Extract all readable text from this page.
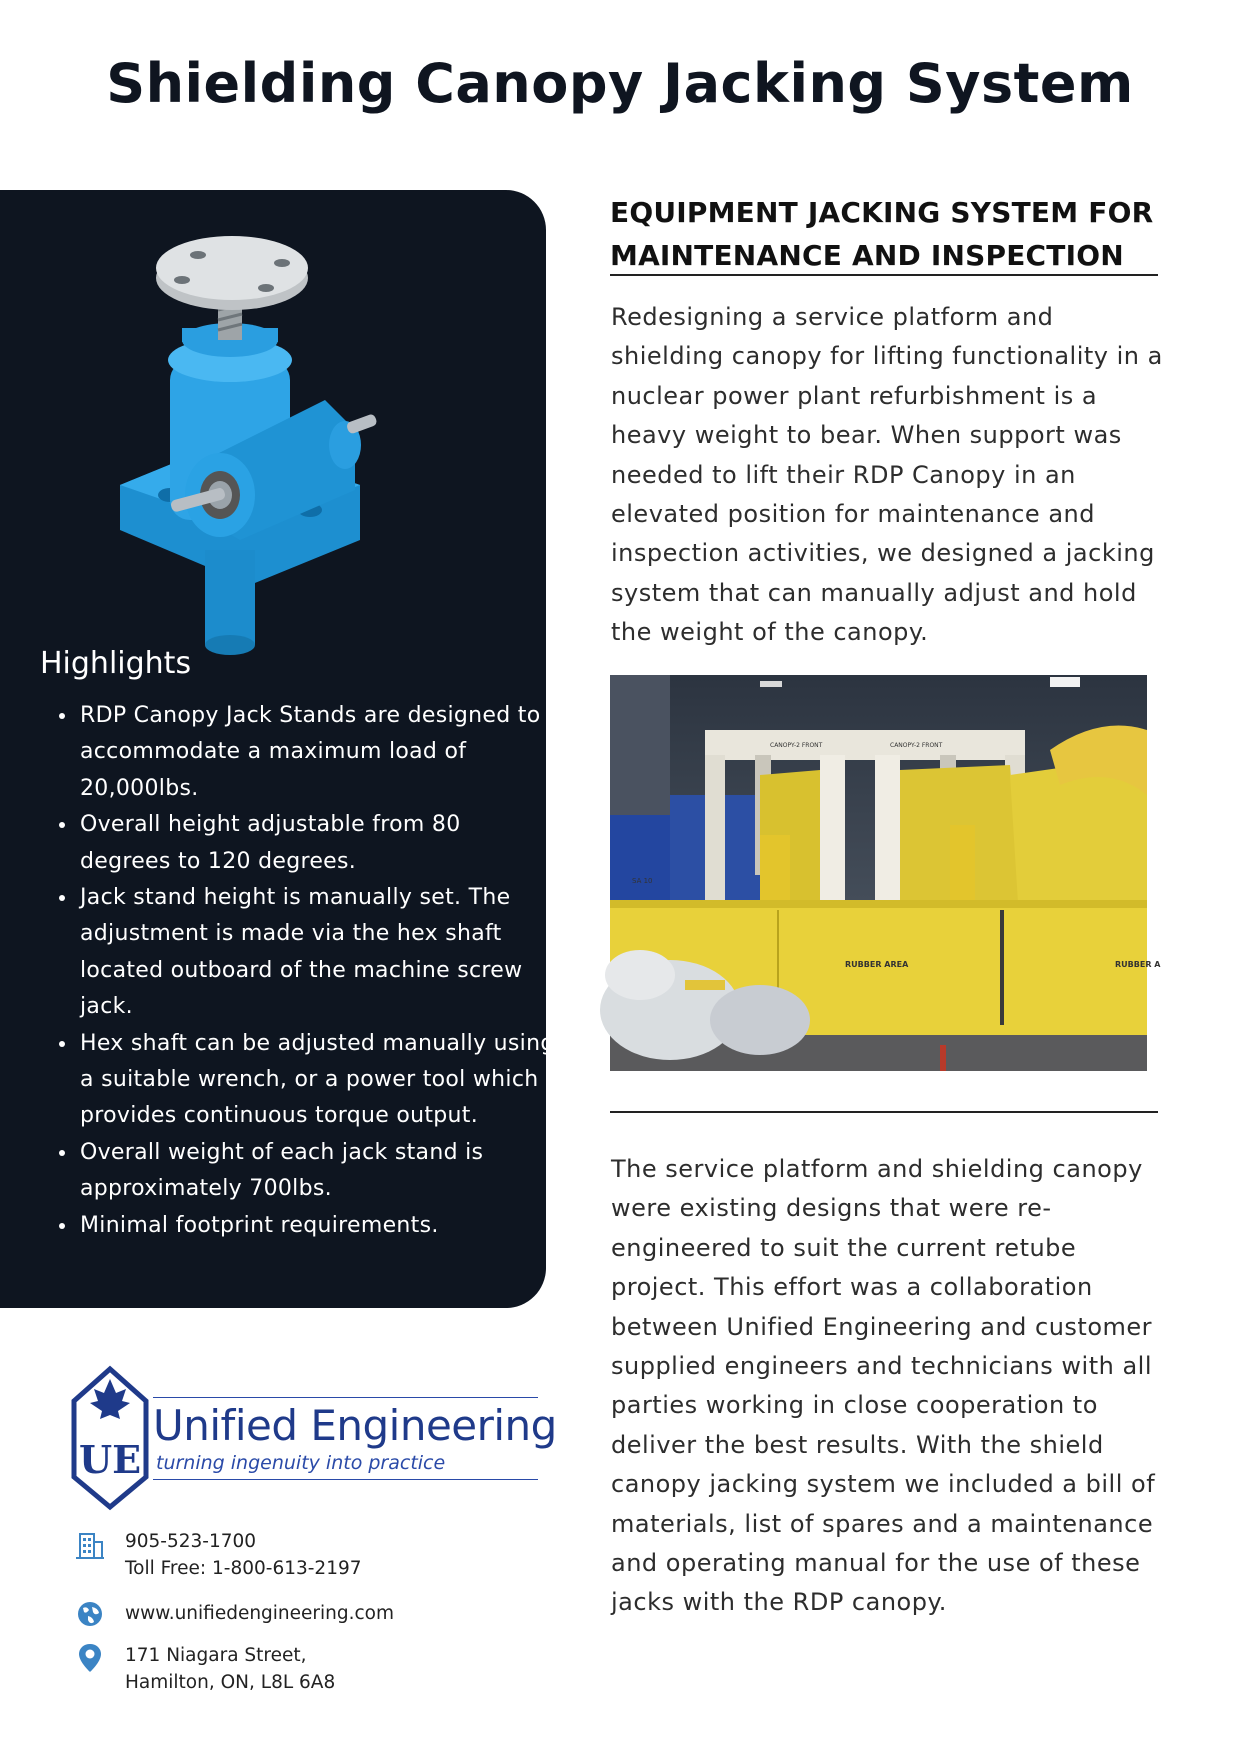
Shielding Canopy Jacking System
Highlights
• RDP Canopy Jack Stands are designed to accommodate a maximum load of 20,000lbs.
• Overall height adjustable from 80 degrees to 120 degrees.
• Jack stand height is manually set. The adjustment is made via the hex shaft located outboard of the machine screw jack.
• Hex shaft can be adjusted manually using a suitable wrench, or a power tool which provides continuous torque output.
• Overall weight of each jack stand is approximately 700lbs.
• Minimal footprint requirements.
EQUIPMENT JACKING SYSTEM FOR
MAINTENANCE AND INSPECTION

Redesigning a service platform and shielding canopy for lifting functionality in a nuclear power plant refurbishment is a heavy weight to bear. When support was needed to lift their RDP Canopy in an elevated position for maintenance and inspection activities, we designed a jacking system that can manually adjust and hold the weight of the canopy.

CANOPY-2 FRONT	CANOPY-2 FRONT
RUBBER AREA	RUBBER A
SA 10

The service platform and shielding canopy were existing designs that were re-engineered to suit the current retube project. This effort was a collaboration between Unified Engineering and customer supplied engineers and technicians with all parties working in close cooperation to deliver the best results. With the shield canopy jacking system we included a bill of materials, list of spares and a maintenance and operating manual for the use of these jacks with the RDP canopy.

UE
Unified Engineering
turning ingenuity into practice
905-523-1700
Toll Free: 1-800-613-2197
www.unifiedengineering.com
171 Niagara Street,
Hamilton, ON, L8L 6A8
